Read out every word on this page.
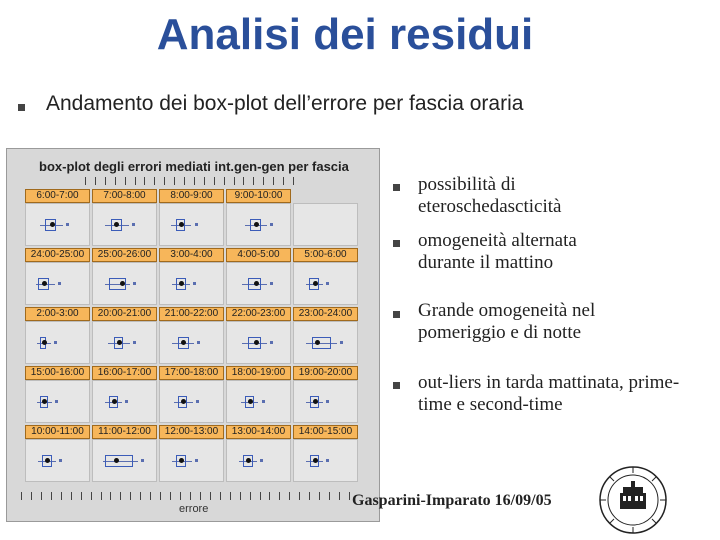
Analisi dei residui
Andamento dei box-plot dell’errore per fascia oraria
box-plot degli errori mediati int.gen-gen per fascia
6:00-7:00	7:00-8:00	8:00-9:00	9:00-10:00
24:00-25:00	25:00-26:00	3:00-4:00	4:00-5:00	5:00-6:00
2:00-3:00	20:00-21:00	21:00-22:00	22:00-23:00	23:00-24:00
15:00-16:00	16:00-17:00	17:00-18:00	18:00-19:00	19:00-20:00
10:00-11:00	11:00-12:00	12:00-13:00	13:00-14:00	14:00-15:00
errore
possibilità di eteroschedascticità
omogeneità alternata durante il mattino
Grande omogeneità nel pomeriggio e di notte
out-liers in tarda mattinata, prime-time e second-time
Gasparini-Imparato 16/09/05
